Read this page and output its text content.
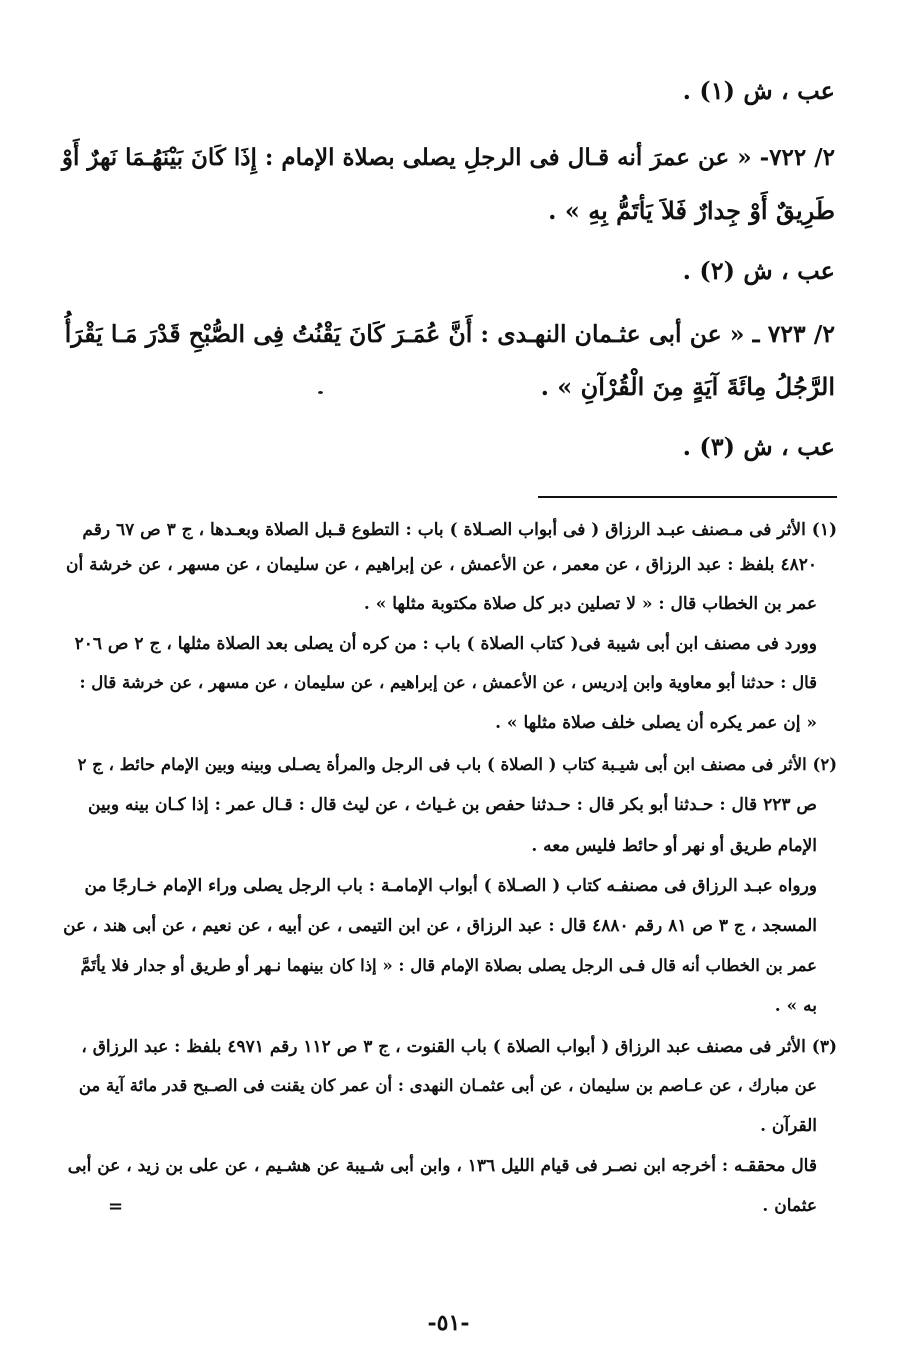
عب ، ش (١) .
٢/ ٧٢٢- « عن عمرَ أنه قـال فى الرجلِ يصلى بصلاة الإمام : إِذَا كَانَ بَيْنَهُـمَا نَهرٌ أَوْ
طَرِيقٌ أَوْ جِدارٌ فَلاَ يَأتَمُّ بِهِ » .
عب ، ش (٢) .
٢/ ٧٢٣ ـ « عن أبى عثـمان النهـدى : أَنَّ عُمَـرَ كَانَ يَقْنُتُ فِى الصُّبْحِ قَدْرَ مَـا يَقْرَأُ
الرَّجُلُ مِائَةَ آيَةٍ مِنَ الْقُرْآنِ » .
عب ، ش (٣) .
(١) الأثر فى مـصنف عبـد الرزاق ( فى أبواب الصـلاة ) باب : التطوع قـبل الصلاة وبعـدها ، ج ٣ ص ٦٧ رقم
٤٨٢٠ بلفظ : عبد الرزاق ، عن معمر ، عن الأعمش ، عن إبراهيم ، عن سليمان ، عن مسهر ، عن خرشة أن
عمر بن الخطاب قال : « لا تصلين دبر كل صلاة مكتوبة مثلها » .
وورد فى مصنف ابن أبى شيبة فى( كتاب الصلاة ) باب : من كره أن يصلى بعد الصلاة مثلها ، ج ٢ ص ٢٠٦
قال : حدثنا أبو معاوية وابن إدريس ، عن الأعمش ، عن إبراهيم ، عن سليمان ، عن مسهر ، عن خرشة قال :
« إن عمر يكره أن يصلى خلف صلاة مثلها » .
(٢) الأثر فى مصنف ابن أبى شيـبة كتاب ( الصلاة ) باب فى الرجل والمرأة يصـلى وبينه وبين الإمام حائط ، ج ٢
ص ٢٢٣ قال : حـدثنا أبو بكر قال : حـدثنا حفص بن غـياث ، عن ليث قال : قـال عمر : إذا كـان بينه وبين
الإمام طريق أو نهر أو حائط فليس معه .
ورواه عبـد الرزاق فى مصنفـه كتاب ( الصـلاة ) أبواب الإمامـة : باب الرجل يصلى وراء الإمام خـارجًا من
المسجد ، ج ٣ ص ٨١ رقم ٤٨٨٠ قال : عبد الرزاق ، عن ابن التيمى ، عن أبيه ، عن نعيم ، عن أبى هند ، عن
عمر بن الخطاب أنه قال فـى الرجل يصلى بصلاة الإمام قال : « إذا كان بينهما نـهر أو طريق أو جدار فلا يأتَمَّ
به » .
(٣) الأثر فى مصنف عبد الرزاق ( أبواب الصلاة ) باب القنوت ، ج ٣ ص ١١٢ رقم ٤٩٧١ بلفظ : عبد الرزاق ،
عن مبارك ، عن عـاصم بن سليمان ، عن أبى عثمـان النهدى : أن عمر كان يقنت فى الصـبح قدر مائة آية من
القرآن .
قال محققـه : أخرجه ابن نصـر فى قيام الليل ١٣٦ ، وابن أبى شـيبة عن هشـيم ، عن على بن زيد ، عن أبى
عثمان .
=
-٥١-
